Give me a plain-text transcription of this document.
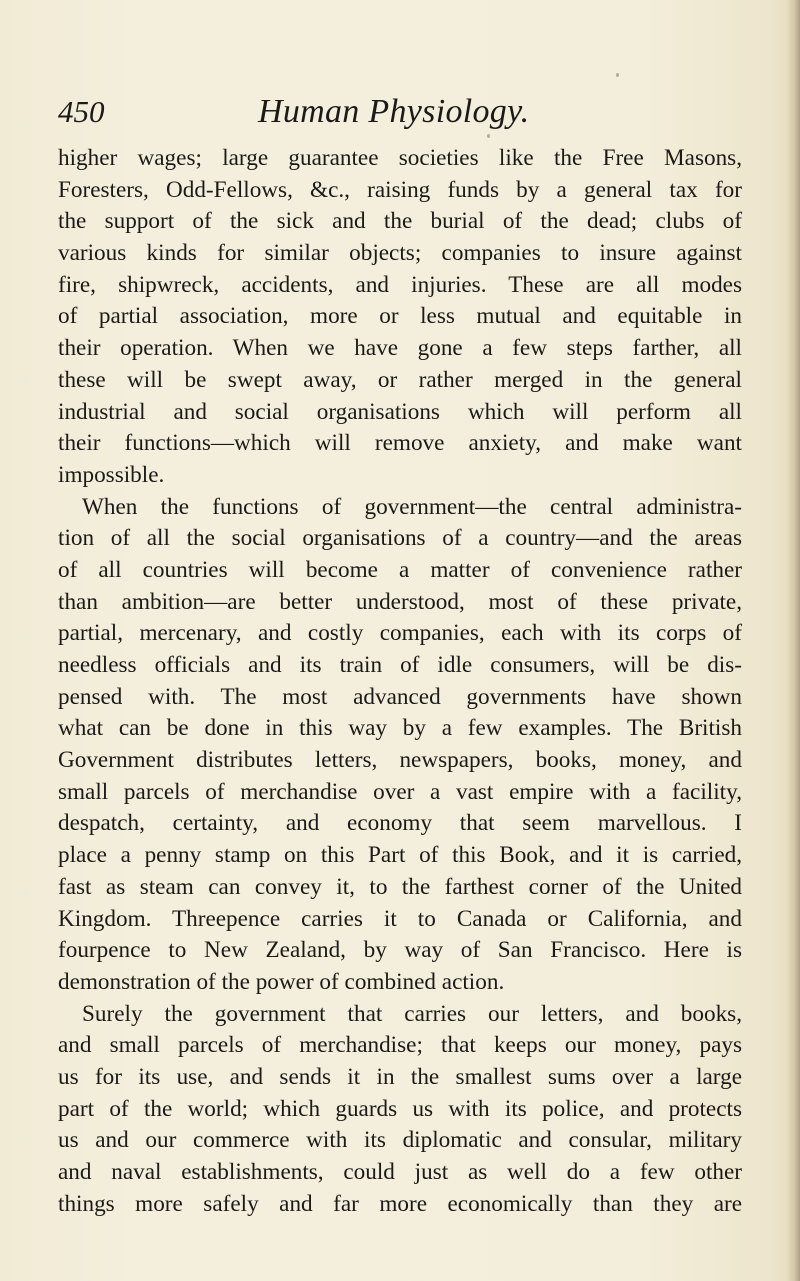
450	Human Physiology.
higher wages; large guarantee societies like the Free Masons,
Foresters, Odd-Fellows, &c., raising funds by a general tax for
the support of the sick and the burial of the dead; clubs of
various kinds for similar objects; companies to insure against
fire, shipwreck, accidents, and injuries. These are all modes
of partial association, more or less mutual and equitable in
their operation. When we have gone a few steps farther, all
these will be swept away, or rather merged in the general
industrial and social organisations which will perform all
their functions—which will remove anxiety, and make want
impossible.
When the functions of government—the central administra-
tion of all the social organisations of a country—and the areas
of all countries will become a matter of convenience rather
than ambition—are better understood, most of these private,
partial, mercenary, and costly companies, each with its corps of
needless officials and its train of idle consumers, will be dis-
pensed with. The most advanced governments have shown
what can be done in this way by a few examples. The British
Government distributes letters, newspapers, books, money, and
small parcels of merchandise over a vast empire with a facility,
despatch, certainty, and economy that seem marvellous. I
place a penny stamp on this Part of this Book, and it is carried,
fast as steam can convey it, to the farthest corner of the United
Kingdom. Threepence carries it to Canada or California, and
fourpence to New Zealand, by way of San Francisco. Here is
demonstration of the power of combined action.
Surely the government that carries our letters, and books,
and small parcels of merchandise; that keeps our money, pays
us for its use, and sends it in the smallest sums over a large
part of the world; which guards us with its police, and protects
us and our commerce with its diplomatic and consular, military
and naval establishments, could just as well do a few other
things more safely and far more economically than they are
